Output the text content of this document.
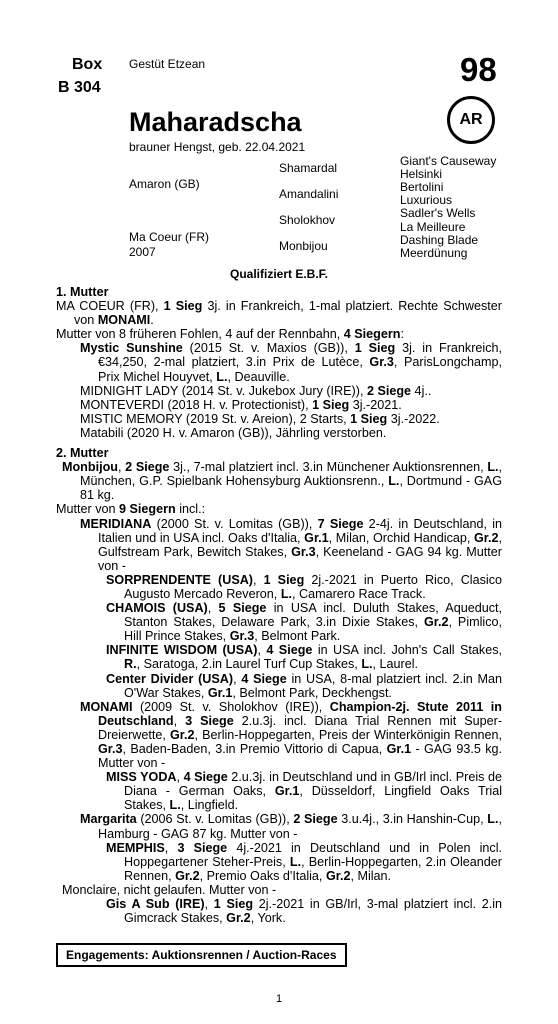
Box
B 304
Gestüt Etzean	98
Maharadscha
brauner Hengst, geb. 22.04.2021
AR
Amaron (GB)
Ma Coeur (FR)
2007
Shamardal
Amandalini
Sholokhov
Monbijou
Giant's Causeway
Helsinki
Bertolini
Luxurious
Sadler's Wells
La Meilleure
Dashing Blade
Meerdünung
Qualifiziert E.B.F.
1. Mutter
MA COEUR (FR), 1 Sieg 3j. in Frankreich, 1-mal platziert. Rechte Schwester von MONAMI.
Mutter von 8 früheren Fohlen, 4 auf der Rennbahn, 4 Siegern:
Mystic Sunshine (2015 St. v. Maxios (GB)), 1 Sieg 3j. in Frankreich, €34,250, 2-mal platziert, 3.in Prix de Lutèce, Gr.3, ParisLongchamp, Prix Michel Houyvet, L., Deauville.
MIDNIGHT LADY (2014 St. v. Jukebox Jury (IRE)), 2 Siege 4j..
MONTEVERDI (2018 H. v. Protectionist), 1 Sieg 3j.-2021.
MISTIC MEMORY (2019 St. v. Areion), 2 Starts, 1 Sieg 3j.-2022.
Matabili (2020 H. v. Amaron (GB)), Jährling verstorben.
2. Mutter
Monbijou, 2 Siege 3j., 7-mal platziert incl. 3.in Münchener Auktionsrennen, L., München, G.P. Spielbank Hohensyburg Auktionsrenn., L., Dortmund - GAG 81 kg.
Mutter von 9 Siegern incl.:
MERIDIANA (2000 St. v. Lomitas (GB)), 7 Siege 2-4j. in Deutschland, in Italien und in USA incl. Oaks d'Italia, Gr.1, Milan, Orchid Handicap, Gr.2, Gulfstream Park, Bewitch Stakes, Gr.3, Keeneland - GAG 94 kg. Mutter von -
SORPRENDENTE (USA), 1 Sieg 2j.-2021 in Puerto Rico, Clasico Augusto Mercado Reveron, L., Camarero Race Track.
CHAMOIS (USA), 5 Siege in USA incl. Duluth Stakes, Aqueduct, Stanton Stakes, Delaware Park, 3.in Dixie Stakes, Gr.2, Pimlico, Hill Prince Stakes, Gr.3, Belmont Park.
INFINITE WISDOM (USA), 4 Siege in USA incl. John's Call Stakes, R., Saratoga, 2.in Laurel Turf Cup Stakes, L., Laurel.
Center Divider (USA), 4 Siege in USA, 8-mal platziert incl. 2.in Man O'War Stakes, Gr.1, Belmont Park, Deckhengst.
MONAMI (2009 St. v. Sholokhov (IRE)), Champion-2j. Stute 2011 in Deutschland, 3 Siege 2.u.3j. incl. Diana Trial Rennen mit Super-Dreierwette, Gr.2, Berlin-Hoppegarten, Preis der Winterkönigin Rennen, Gr.3, Baden-Baden, 3.in Premio Vittorio di Capua, Gr.1 - GAG 93.5 kg. Mutter von -
MISS YODA, 4 Siege 2.u.3j. in Deutschland und in GB/Irl incl. Preis de Diana - German Oaks, Gr.1, Düsseldorf, Lingfield Oaks Trial Stakes, L., Lingfield.
Margarita (2006 St. v. Lomitas (GB)), 2 Siege 3.u.4j., 3.in Hanshin-Cup, L., Hamburg - GAG 87 kg. Mutter von -
MEMPHIS, 3 Siege 4j.-2021 in Deutschland und in Polen incl. Hoppegartener Steher-Preis, L., Berlin-Hoppegarten, 2.in Oleander Rennen, Gr.2, Premio Oaks d'Italia, Gr.2, Milan.
Monclaire, nicht gelaufen. Mutter von -
Gis A Sub (IRE), 1 Sieg 2j.-2021 in GB/Irl, 3-mal platziert incl. 2.in Gimcrack Stakes, Gr.2, York.
Engagements: Auktionsrennen / Auction-Races
1
